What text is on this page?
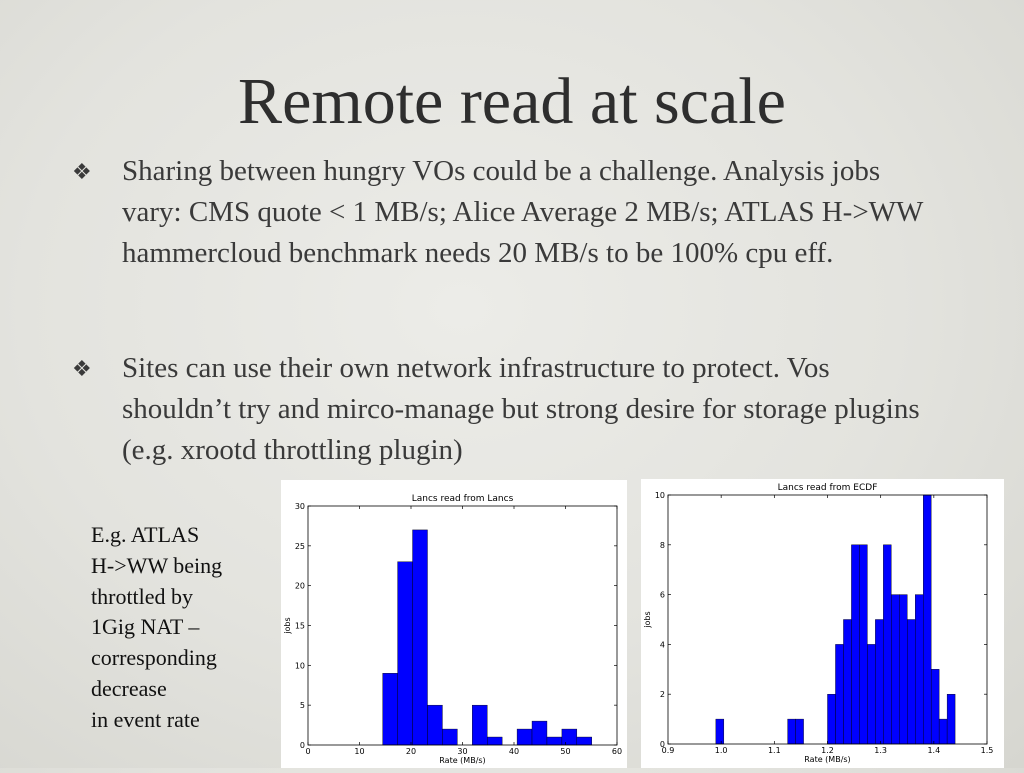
Remote read at scale
❖ Sharing between hungry VOs could be a challenge. Analysis jobs vary: CMS quote < 1 MB/s; Alice Average 2 MB/s; ATLAS H->WW hammercloud benchmark needs 20 MB/s to be 100% cpu eff.
❖ Sites can use their own network infrastructure to protect. Vos shouldn’t try and mirco-manage but strong desire for storage plugins (e.g. xrootd throttling plugin)
E.g. ATLAS
H->WW being
throttled by
1Gig NAT –
corresponding
decrease
in event rate
0	10	20	30	40	50	60
0
5
10
15
20
25
30
Lancs read from Lancs
Rate (MB/s)
jobs
0.9	1.0	1.1	1.2	1.3	1.4	1.5
0
2
4
6
8
10
Lancs read from ECDF
Rate (MB/s)
jobs
